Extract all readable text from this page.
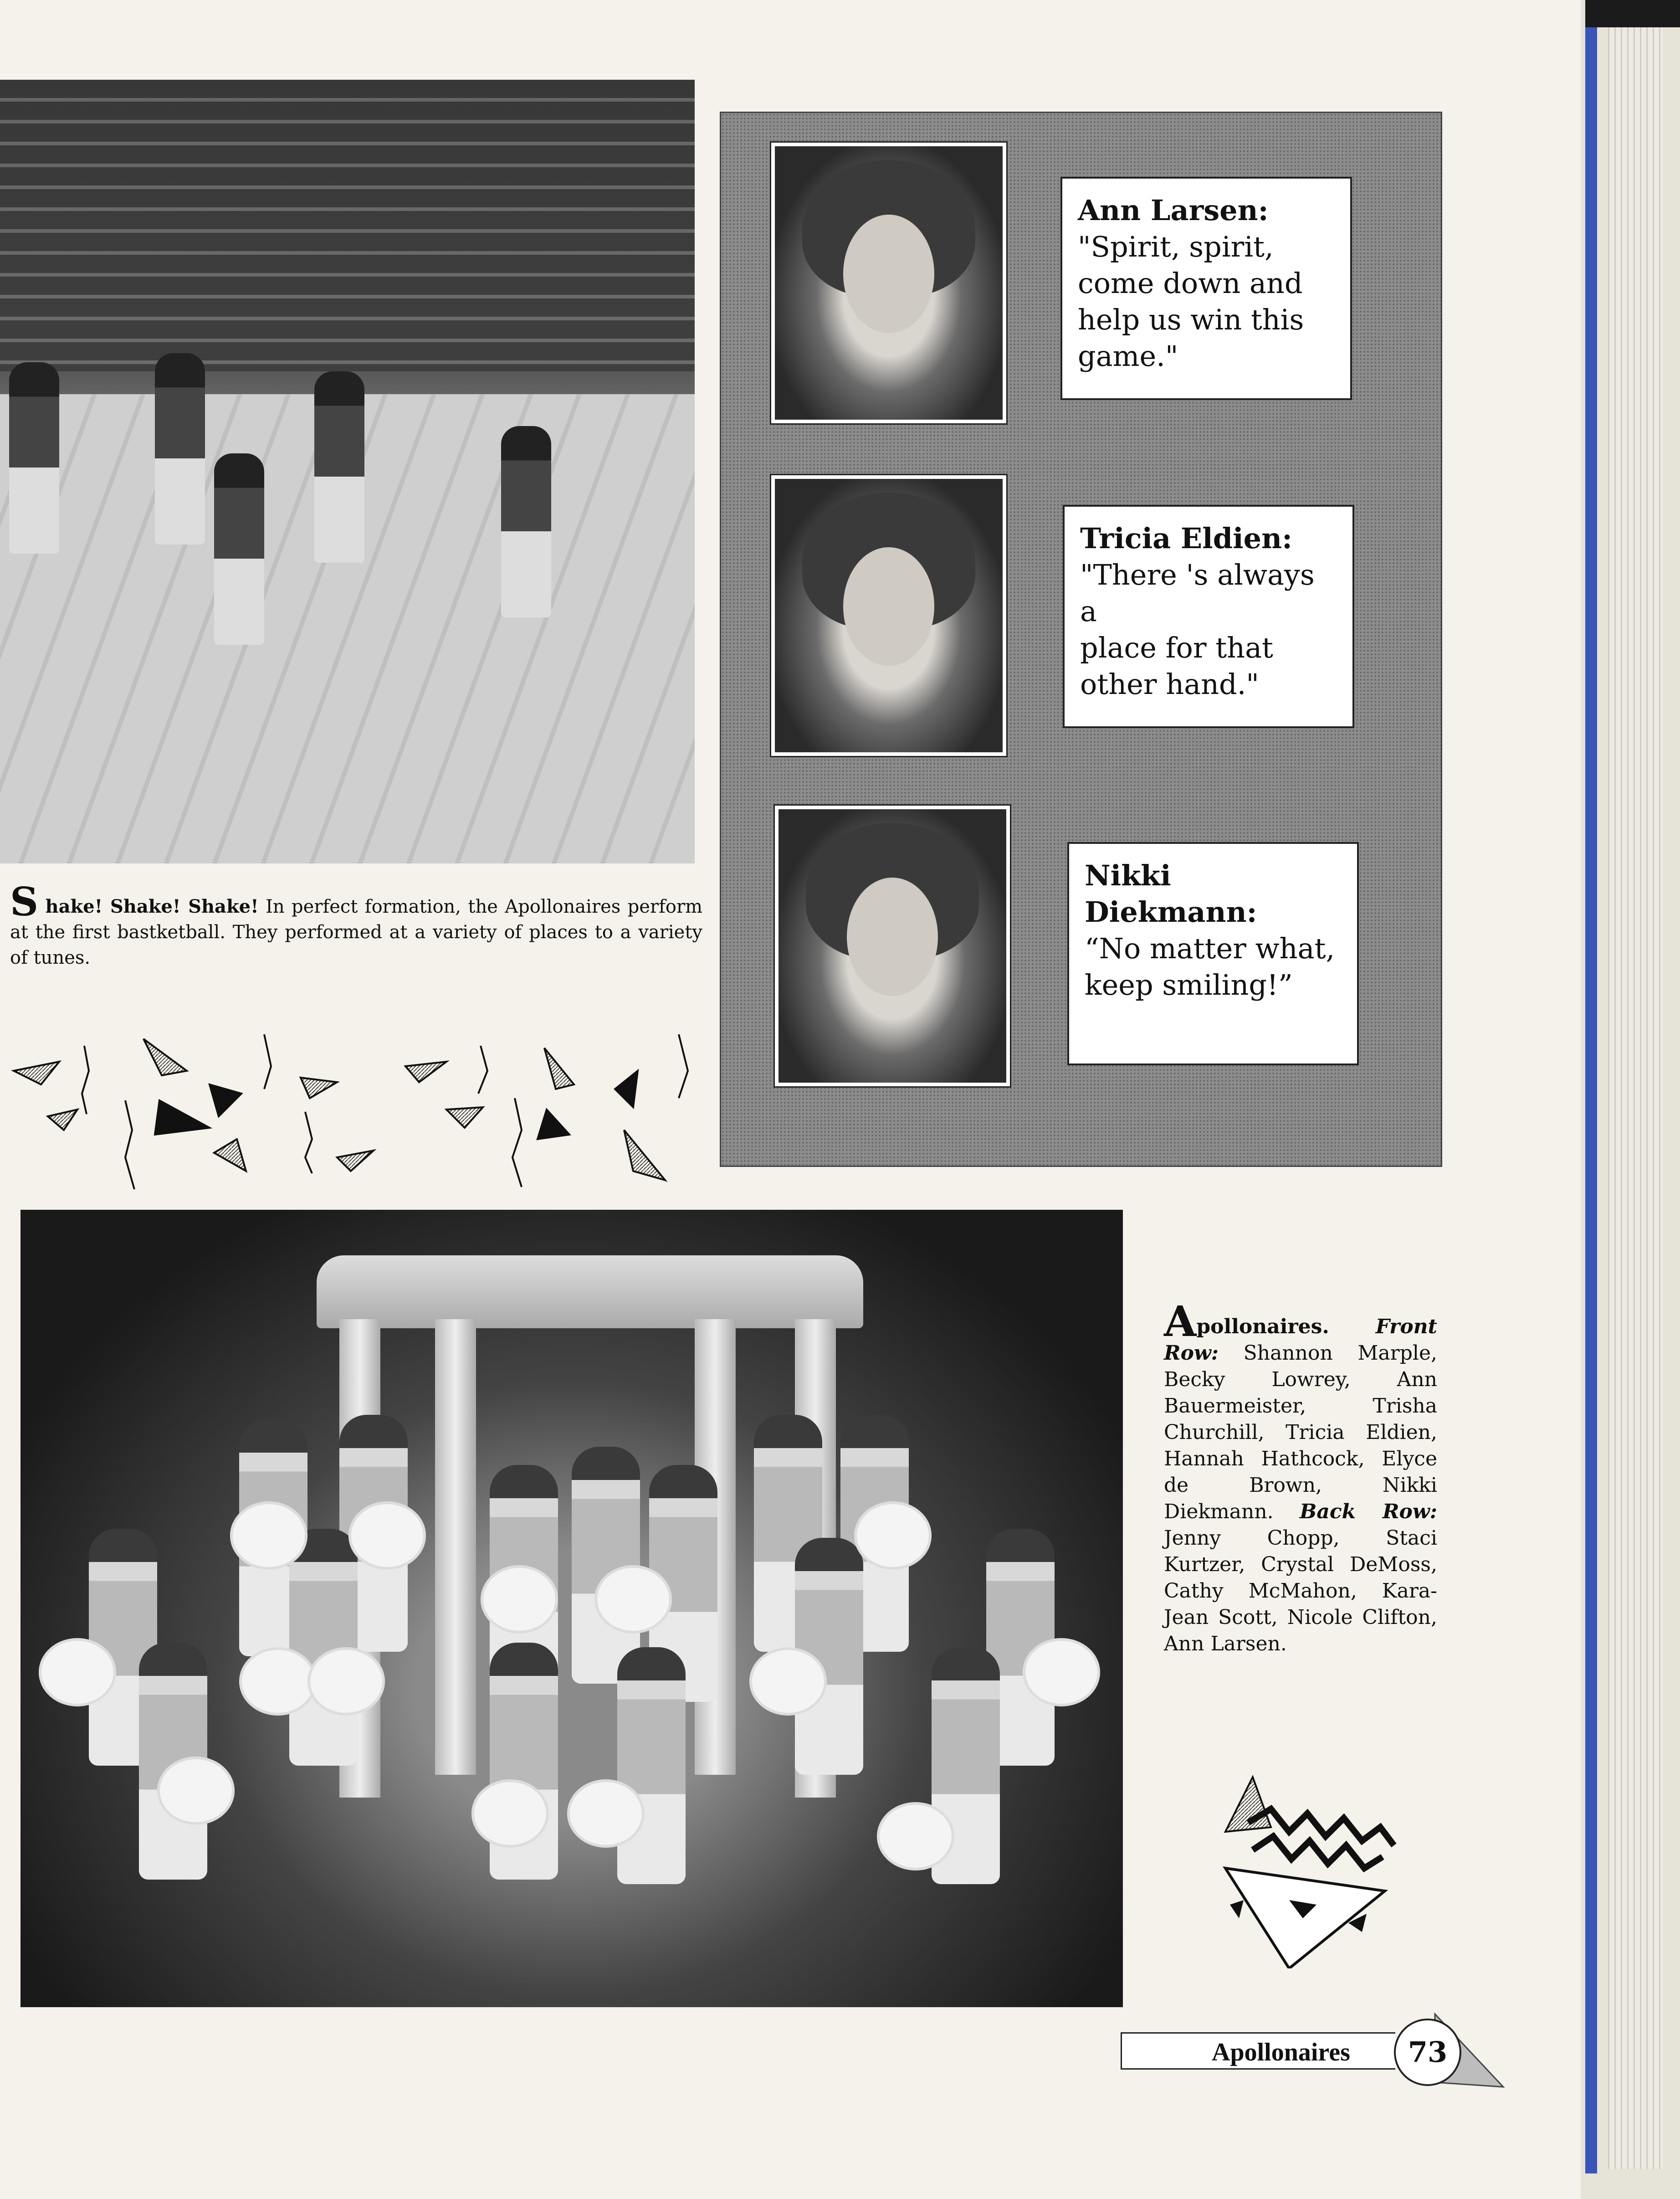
Ann Larsen:
"Spirit, spirit,
come down and
help us win this
game."
Tricia Eldien:
"There 's always a
place for that
other hand."
Nikki Diekmann:
“No matter what,
keep smiling!”
S hake! Shake! Shake! In perfect formation, the Apollonaires perform at the first bastketball. They performed at a variety of places to a variety of tunes.
Apollonaires. Front Row: Shannon Marple, Becky Lowrey, Ann Bauermeister, Trisha Churchill, Tricia Eldien, Hannah Hathcock, Elyce de Brown, Nikki Diekmann. Back Row: Jenny Chopp, Staci Kurtzer, Crystal DeMoss, Cathy McMahon, Kara-Jean Scott, Nicole Clifton, Ann Larsen.
Apollonaires	73
